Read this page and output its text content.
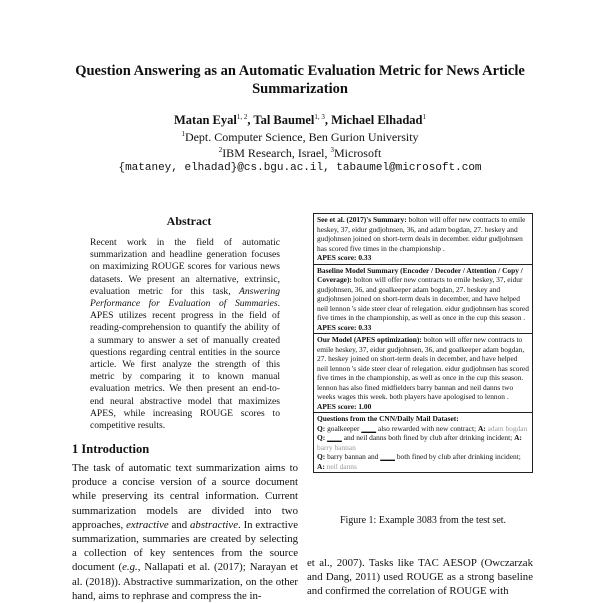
Question Answering as an Automatic Evaluation Metric for News Article Summarization
Matan Eyal$^{1, 2}$, Tal Baumel$^{1, 3}$, Michael Elhadad$^1$
$^1$Dept. Computer Science, Ben Gurion University
$^2$IBM Research, Israel, $^3$Microsoft
{mataney, elhadad}@cs.bgu.ac.il, tabaumel@microsoft.com
Abstract
Recent work in the field of automatic summarization and headline generation focuses on maximizing ROUGE scores for various news datasets. We present an alternative, extrinsic, evaluation metric for this task, Answering Performance for Evaluation of Summaries. APES utilizes recent progress in the field of reading-comprehension to quantify the ability of a summary to answer a set of manually created questions regarding central entities in the source article. We first analyze the strength of this metric by comparing it to known manual evaluation metrics. We then present an end-to-end neural abstractive model that maximizes APES, while increasing ROUGE scores to competitive results.
1 Introduction
The task of automatic text summarization aims to produce a concise version of a source document while preserving its central information. Current summarization models are divided into two approaches, extractive and abstractive. In extractive summarization, summaries are created by selecting a collection of key sentences from the source document (e.g., Nallapati et al. (2017); Narayan et al. (2018)). Abstractive summarization, on the other hand, aims to rephrase and compress the in-
See et al. (2017)'s Summary: bolton will offer new contracts to emile heskey, 37, eidur gudjohnsen, 36, and adam bogdan, 27. heskey and gudjohnsen joined on short-term deals in december. eidur gudjohnsen has scored five times in the championship .
APES score: 0.33
Baseline Model Summary (Encoder / Decoder / Attention / Copy / Coverage): bolton will offer new contracts to emile heskey, 37, eidur gudjohnsen, 36, and goalkeeper adam bogdan, 27. heskey and gudjohnsen joined on short-term deals in december, and have helped neil lennon 's side steer clear of relegation. eidur gudjohnsen has scored five times in the championship, as well as once in the cup this season .
APES score: 0.33
Our Model (APES optimization): bolton will offer new contracts to emile heskey, 37, eidur gudjohnsen, 36, and goalkeeper adam bogdan, 27. heskey joined on short-term deals in december, and have helped neil lennon 's side steer clear of relegation. eidur gudjohnsen has scored five times in the championship, as well as once in the cup this season. lennon has also fined midfielders barry bannan and neil danns two weeks wages this week. both players have apologised to lennon .
APES score: 1.00
Questions from the CNN/Daily Mail Dataset:
Q: goalkeeper ____ also rewarded with new contract; A: adam bogdan
Q: ____ and neil danns both fined by club after drinking incident; A: barry bannan
Q: barry bannan and ____ both fined by club after drinking incident; A: neil danns
Figure 1: Example 3083 from the test set.
et al., 2007). Tasks like TAC AESOP (Owczarzak and Dang, 2011) used ROUGE as a strong baseline and confirmed the correlation of ROUGE with
